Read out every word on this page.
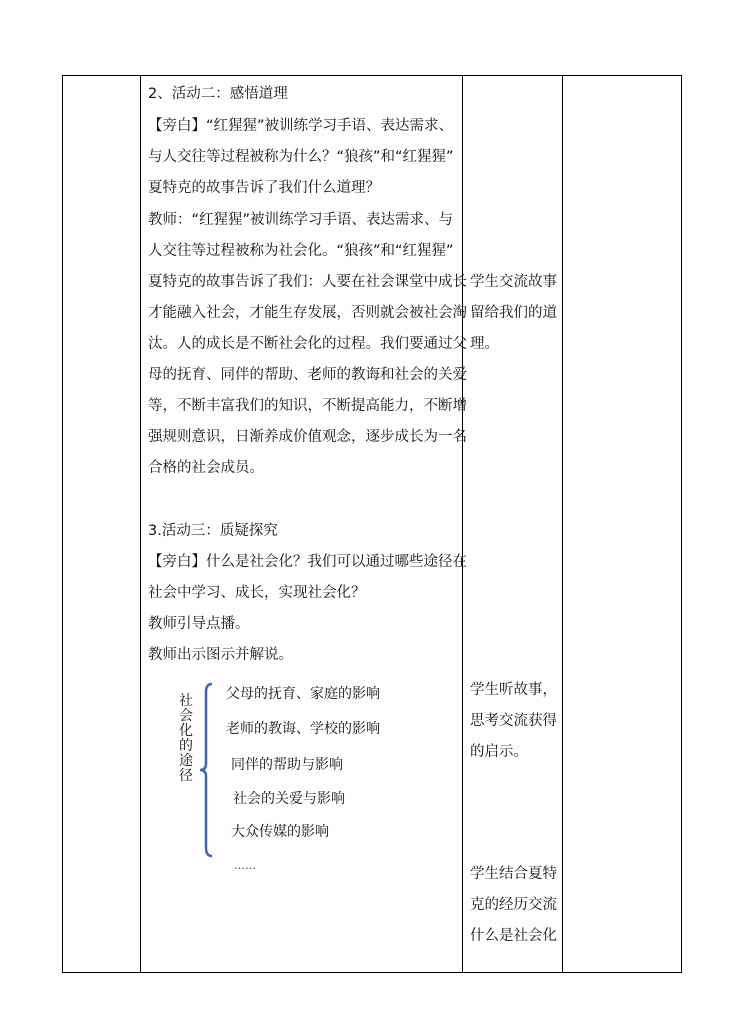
2、活动二：感悟道理
【旁白】“红猩猩”被训练学习手语、表达需求、
与人交往等过程被称为什么？“狼孩”和“红猩猩”
夏特克的故事告诉了我们什么道理？
教师：“红猩猩”被训练学习手语、表达需求、与
人交往等过程被称为社会化。“狼孩”和“红猩猩”
夏特克的故事告诉了我们：人要在社会课堂中成长
才能融入社会，才能生存发展，否则就会被社会淘
汰。人的成长是不断社会化的过程。我们要通过父
母的抚育、同伴的帮助、老师的教诲和社会的关爱
等，不断丰富我们的知识，不断提高能力，不断增
强规则意识，日渐养成价值观念，逐步成长为一名
合格的社会成员。
3.活动三：质疑探究
【旁白】什么是社会化？我们可以通过哪些途径在
社会中学习、成长，实现社会化？
教师引导点播。
教师出示图示并解说。
社
会
化
的
途
径
父母的抚育、家庭的影响
老师的教诲、学校的影响
同伴的帮助与影响
社会的关爱与影响
大众传媒的影响
……
学生交流故事
留给我们的道
理。
学生听故事，
思考交流获得
的启示。
学生结合夏特
克的经历交流
什么是社会化
